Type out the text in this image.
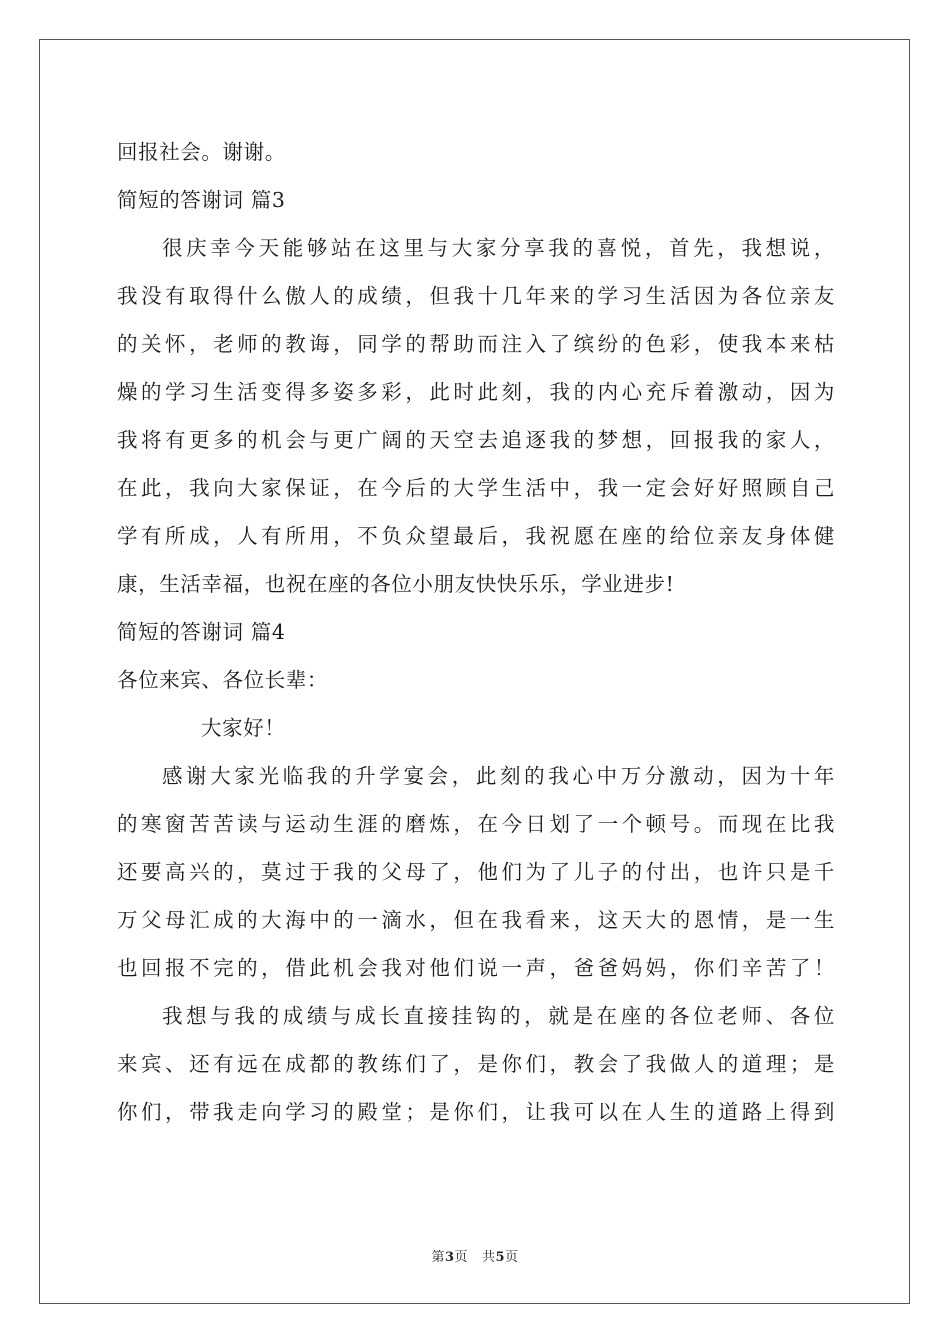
回报社会。谢谢。
简短的答谢词 篇3
很庆幸今天能够站在这里与大家分享我的喜悦，首先，我想说，
我没有取得什么傲人的成绩，但我十几年来的学习生活因为各位亲友
的关怀，老师的教诲，同学的帮助而注入了缤纷的色彩，使我本来枯
燥的学习生活变得多姿多彩，此时此刻，我的内心充斥着激动，因为
我将有更多的机会与更广阔的天空去追逐我的梦想，回报我的家人，
在此，我向大家保证，在今后的大学生活中，我一定会好好照顾自己
学有所成，人有所用，不负众望最后，我祝愿在座的给位亲友身体健
康，生活幸福，也祝在座的各位小朋友快快乐乐，学业进步!
简短的答谢词 篇4
各位来宾、各位长辈：
大家好！
感谢大家光临我的升学宴会，此刻的我心中万分激动，因为十年
的寒窗苦苦读与运动生涯的磨炼，在今日划了一个顿号。而现在比我
还要高兴的，莫过于我的父母了，他们为了儿子的付出，也许只是千
万父母汇成的大海中的一滴水，但在我看来，这天大的恩情，是一生
也回报不完的，借此机会我对他们说一声，爸爸妈妈，你们辛苦了！
我想与我的成绩与成长直接挂钩的，就是在座的各位老师、各位
来宾、还有远在成都的教练们了，是你们，教会了我做人的道理；是
你们，带我走向学习的殿堂；是你们，让我可以在人生的道路上得到
第3页 共5页
